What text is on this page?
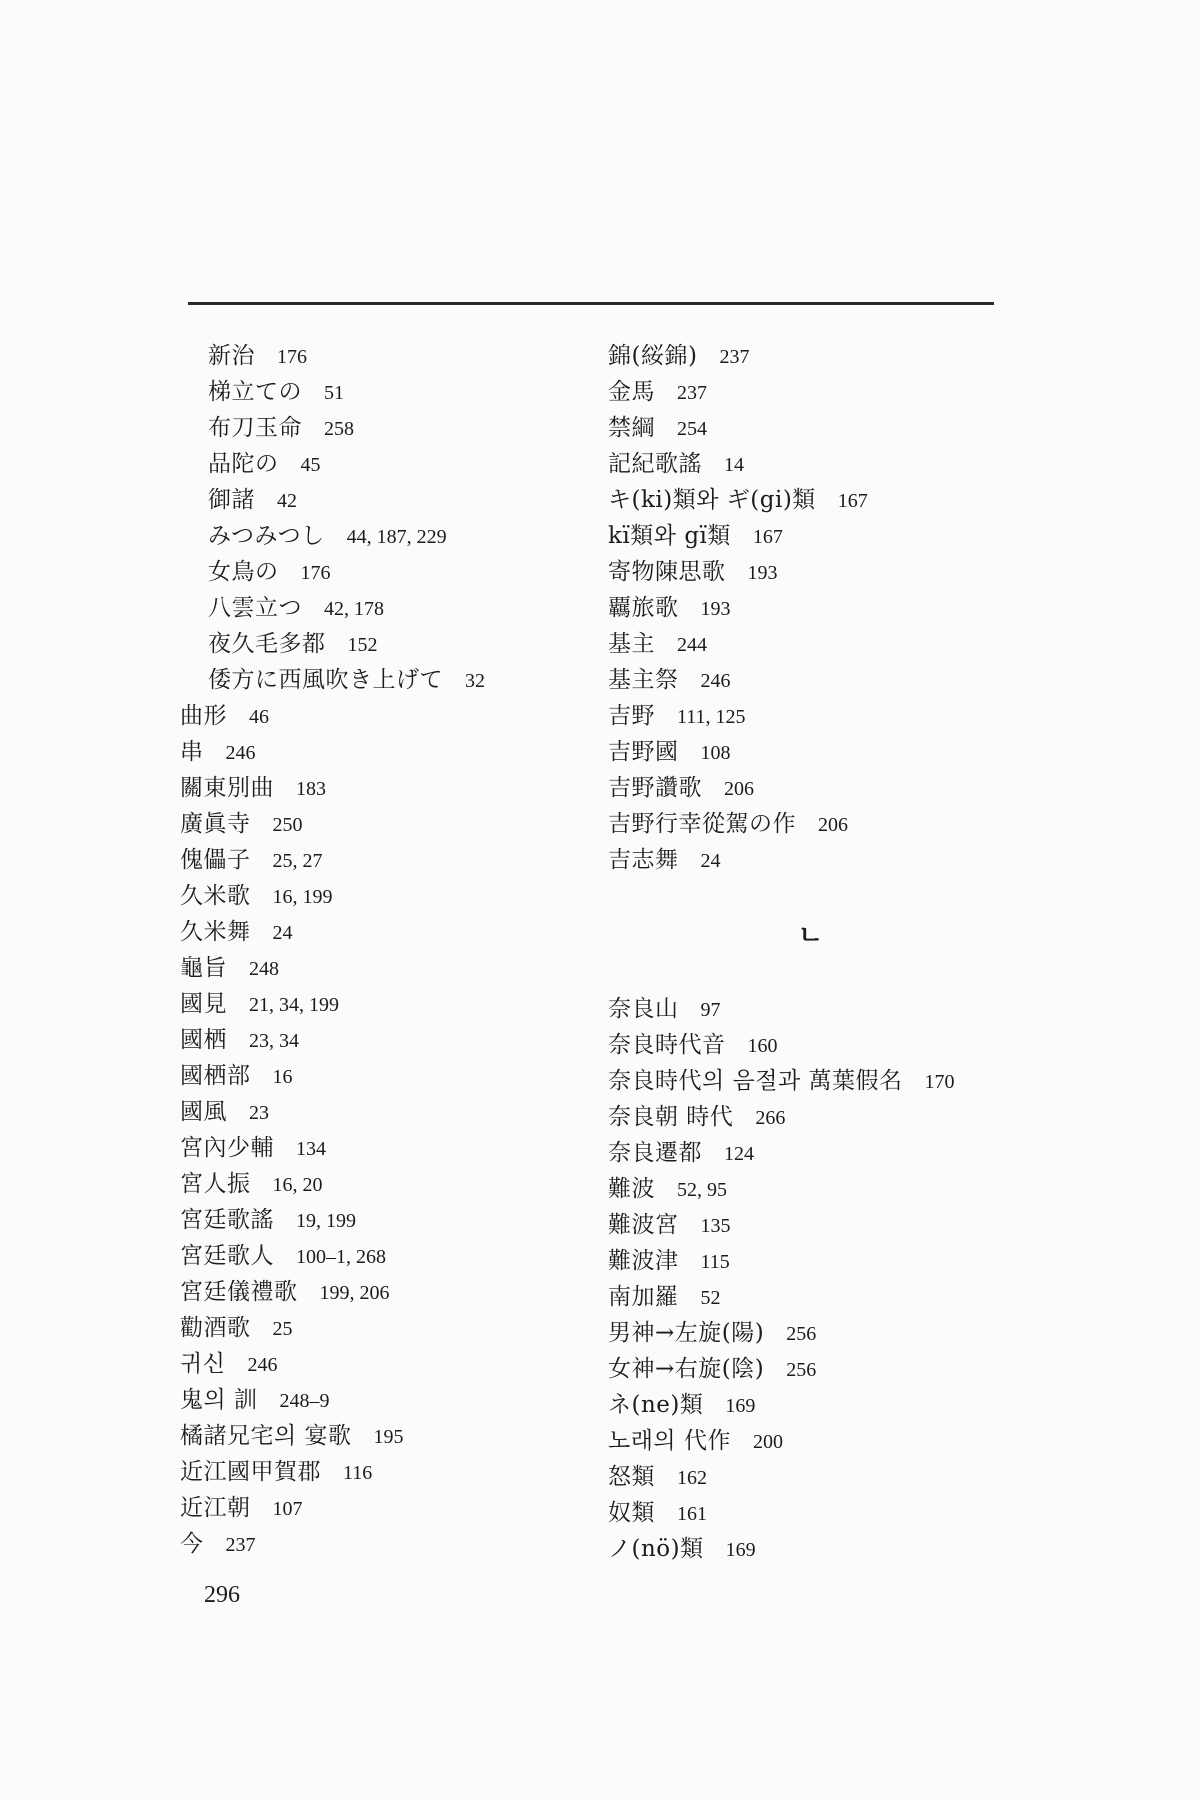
新治 176
梯立ての 51
布刀玉命 258
品陀の 45
御諸 42
みつみつし 44, 187, 229
女鳥の 176
八雲立つ 42, 178
夜久毛多都 152
倭方に西風吹き上げて 32
曲形 46
串 246
關東別曲 183
廣眞寺 250
傀儡子 25, 27
久米歌 16, 199
久米舞 24
龜旨 248
國見 21, 34, 199
國栖 23, 34
國栖部 16
國風 23
宮內少輔 134
宮人振 16, 20
宮廷歌謠 19, 199
宮廷歌人 100–1, 268
宮廷儀禮歌 199, 206
勸酒歌 25
귀신 246
鬼의 訓 248–9
橘諸兄宅의 宴歌 195
近江國甲賀郡 116
近江朝 107
今 237
錦(䋝錦) 237
金馬 237
禁綱 254
記紀歌謠 14
キ(ki)類와 ギ(gi)類 167
kï類와 gï類 167
寄物陳思歌 193
覊旅歌 193
基主 244
基主祭 246
吉野 111, 125
吉野國 108
吉野讚歌 206
吉野行幸從駕の作 206
吉志舞 24
ㄴ
奈良山 97
奈良時代音 160
奈良時代의 음절과 萬葉假名 170
奈良朝 時代 266
奈良遷都 124
難波 52, 95
難波宮 135
難波津 115
南加羅 52
男神→左旋(陽) 256
女神→右旋(陰) 256
ネ(ne)類 169
노래의 代作 200
怒類 162
奴類 161
ノ(nö)類 169
296
